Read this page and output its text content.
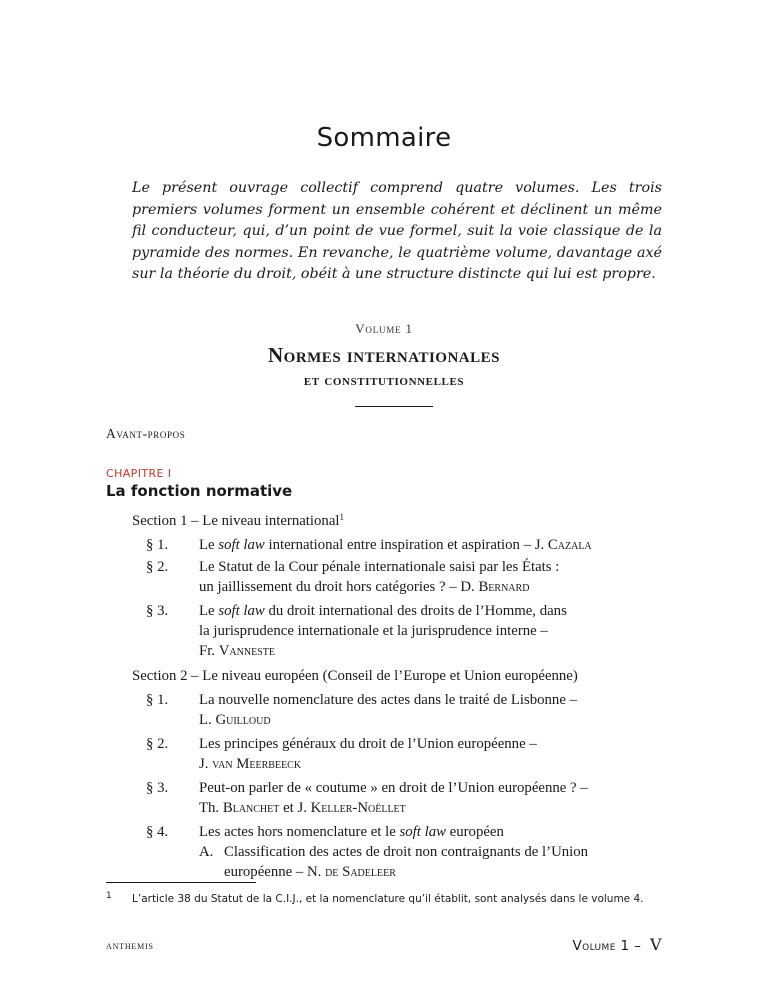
Sommaire

Le présent ouvrage collectif comprend quatre volumes. Les trois premiers volumes forment un ensemble cohérent et déclinent un même fil conducteur, qui, d’un point de vue formel, suit la voie classique de la pyramide des normes. En revanche, le quatrième volume, davantage axé sur la théorie du droit, obéit à une structure distincte qui lui est propre.

Volume 1
Normes internationales
et constitutionnelles
Avant-propos
CHAPITRE I
La fonction normative
Section 1 – Le niveau international$^1$
§ 1. Le soft law international entre inspiration et aspiration – J. Cazala
§ 2. Le Statut de la Cour pénale internationale saisi par les États :
un jaillissement du droit hors catégories ? – D. Bernard
§ 3. Le soft law du droit international des droits de l’Homme, dans
la jurisprudence internationale et la jurisprudence interne –
Fr. Vanneste
Section 2 – Le niveau européen (Conseil de l’Europe et Union européenne)
§ 1. La nouvelle nomenclature des actes dans le traité de Lisbonne –
L. Guilloud
§ 2. Les principes généraux du droit de l’Union européenne –
J. van Meerbeeck
§ 3. Peut-on parler de « coutume » en droit de l’Union européenne ? –
Th. Blanchet et J. Keller-Noëllet
§ 4. Les actes hors nomenclature et le soft law européen
A. Classification des actes de droit non contraignants de l’Union
européenne – N. de Sadeleer
1 L’article 38 du Statut de la C.I.J., et la nomenclature qu’il établit, sont analysés dans le volume 4.
anthemis	Volume 1 – V
